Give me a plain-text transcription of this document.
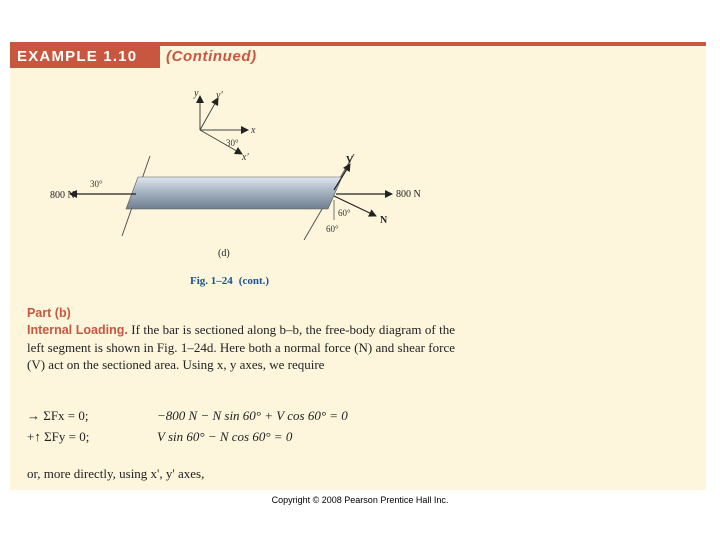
EXAMPLE 1.10 (Continued)
y y'
x
x'
30°
800 N
30°
800 N
V
N
60°
60°
(d)
Fig. 1–24 (cont.)
Part (b)
Internal Loading. If the bar is sectioned along b–b, the free-body diagram of the left segment is shown in Fig. 1–24d. Here both a normal force (N) and shear force (V) act on the sectioned area. Using x, y axes, we require
→ ΣFx = 0;	−800 N − N sin 60° + V cos 60° = 0
+↑ ΣFy = 0;	V sin 60° − N cos 60° = 0
or, more directly, using x', y' axes,
Copyright © 2008 Pearson Prentice Hall Inc.
